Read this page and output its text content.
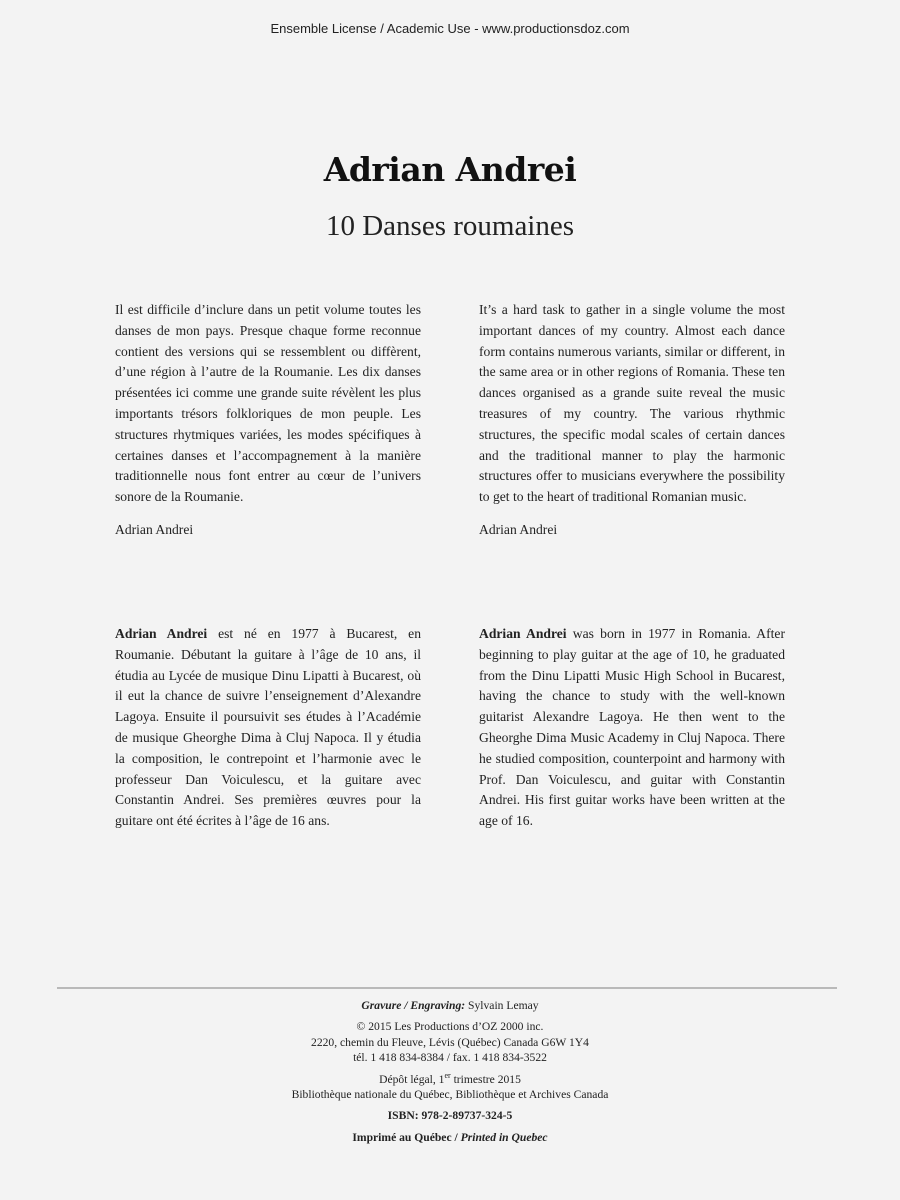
Ensemble License / Academic Use - www.productionsdoz.com
Adrian Andrei
10 Danses roumaines

Il est difficile d’inclure dans un petit volume toutes les danses de mon pays. Presque chaque forme reconnue contient des versions qui se ressemblent ou diffèrent, d’une région à l’autre de la Roumanie. Les dix danses présentées ici comme une grande suite révèlent les plus importants trésors folkloriques de mon peuple. Les structures rhytmiques variées, les modes spécifiques à certaines danses et l’accompagnement à la manière traditionnelle nous font entrer au cœur de l’univers sonore de la Roumanie.

Adrian Andrei

It’s a hard task to gather in a single volume the most important dances of my country. Almost each dance form contains numerous variants, similar or different, in the same area or in other regions of Romania. These ten dances organised as a grande suite reveal the music treasures of my country. The various rhythmic structures, the specific modal scales of certain dances and the traditional manner to play the harmonic structures offer to musicians everywhere the possibility to get to the heart of traditional Romanian music.

Adrian Andrei

Adrian Andrei est né en 1977 à Bucarest, en Roumanie. Débutant la guitare à l’âge de 10 ans, il étudia au Lycée de musique Dinu Lipatti à Bucarest, où il eut la chance de suivre l’enseignement d’Alexandre Lagoya. Ensuite il poursuivit ses études à l’Académie de musique Gheorghe Dima à Cluj Napoca. Il y étudia la composition, le contrepoint et l’harmonie avec le professeur Dan Voiculescu, et la guitare avec Constantin Andrei. Ses premières œuvres pour la guitare ont été écrites à l’âge de 16 ans.

Adrian Andrei was born in 1977 in Romania. After beginning to play guitar at the age of 10, he graduated from the Dinu Lipatti Music High School in Bucarest, having the chance to study with the well-known guitarist Alexandre Lagoya. He then went to the Gheorghe Dima Music Academy in Cluj Napoca. There he studied composition, counterpoint and harmony with Prof. Dan Voiculescu, and guitar with Constantin Andrei. His first guitar works have been written at the age of 16.

Gravure / Engraving: Sylvain Lemay
© 2015 Les Productions d’OZ 2000 inc.
2220, chemin du Fleuve, Lévis (Québec) Canada G6W 1Y4
tél. 1 418 834-8384 / fax. 1 418 834-3522
Dépôt légal, 1er trimestre 2015
Bibliothèque nationale du Québec, Bibliothèque et Archives Canada
ISBN: 978-2-89737-324-5
Imprimé au Québec / Printed in Quebec
